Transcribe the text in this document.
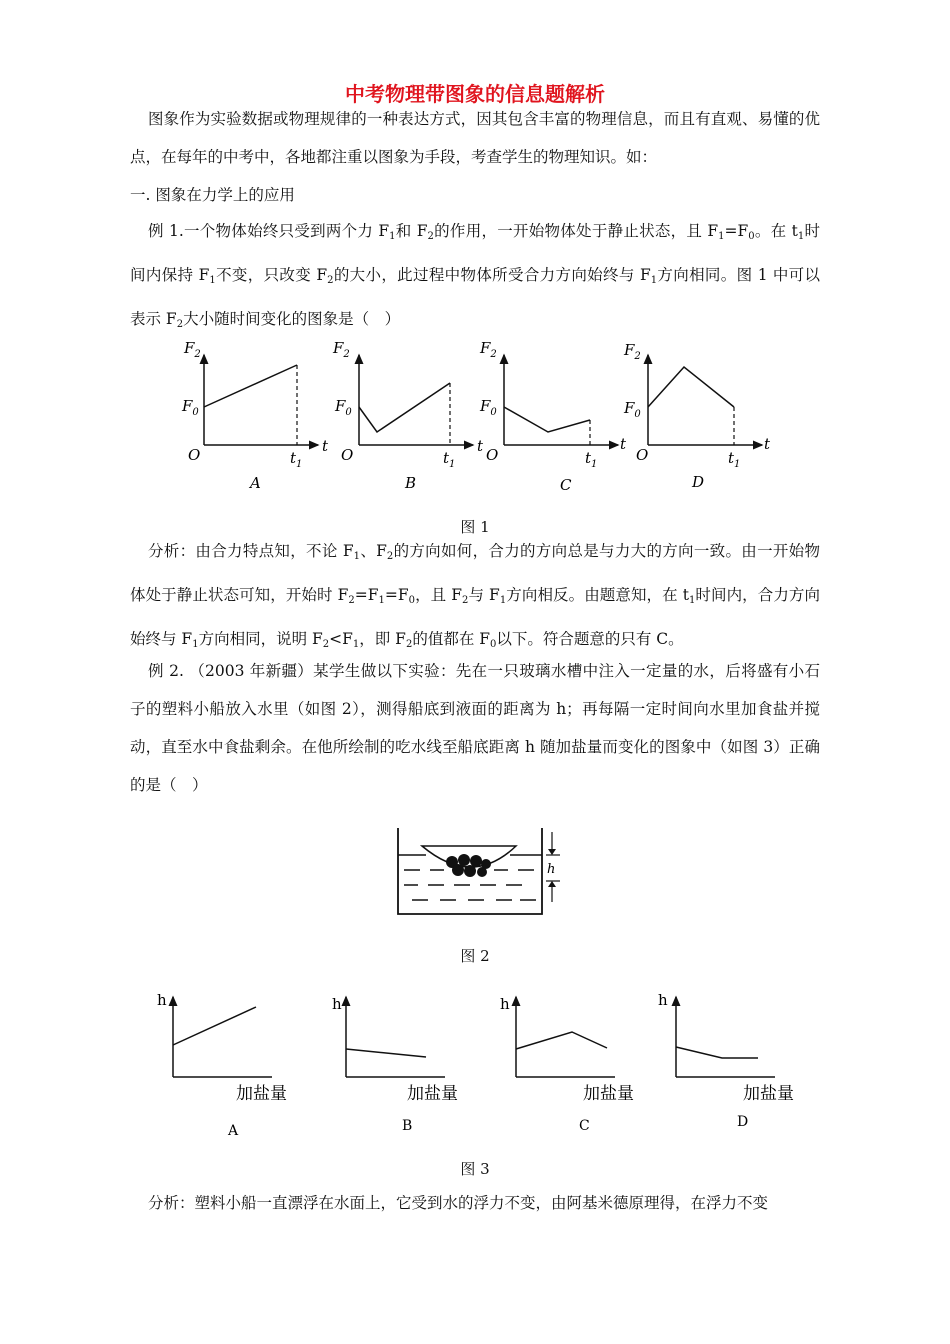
中考物理带图象的信息题解析

图象作为实验数据或物理规律的一种表达方式，因其包含丰富的物理信息，而且有直观、易懂的优点，在每年的中考中，各地都注重以图象为手段，考查学生的物理知识。如：

一. 图象在力学上的应用

例 1.一个物体始终只受到两个力 $F_1$和 $F_2$的作用，一开始物体处于静止状态，且 $F_1=F_0$。在 $t_1$时间内保持 $F_1$不变，只改变 $F_2$的大小，此过程中物体所受合力方向始终与 $F_1$方向相同。图 1 中可以表示 $F_2$大小随时间变化的图象是（　）

$F_2$
$F_0$
O	t
$t_1$
A
$F_2$
$F_0$
O	t
$t_1$
B
$F_2$
$F_0$
O
t
$t_1$
C
$F_2$
$F_0$
O
t
$t_1$
D
图 1

分析：由合力特点知，不论 $F_1$、$F_2$的方向如何，合力的方向总是与力大的方向一致。由一开始物体处于静止状态可知，开始时 $F_2=F_1=F_0$，且 $F_2$与 $F_1$方向相反。由题意知，在 $t_1$时间内，合力方向始终与 $F_1$方向相同，说明 $F_2<F_1$，即 $F_2$的值都在 $F_0$以下。符合题意的只有 C。

例 2. （2003 年新疆）某学生做以下实验：先在一只玻璃水槽中注入一定量的水，后将盛有小石子的塑料小船放入水里（如图 2），测得船底到液面的距离为 h；再每隔一定时间向水里加食盐并搅动，直至水中食盐剩余。在他所绘制的吃水线至船底距离 h 随加盐量而变化的图象中（如图 3）正确的是（　）

h
图 2
h
加盐量
A
h
加盐量
B
h
加盐量
C
h
加盐量
D
图 3

分析：塑料小船一直漂浮在水面上，它受到水的浮力不变，由阿基米德原理得，在浮力不变
